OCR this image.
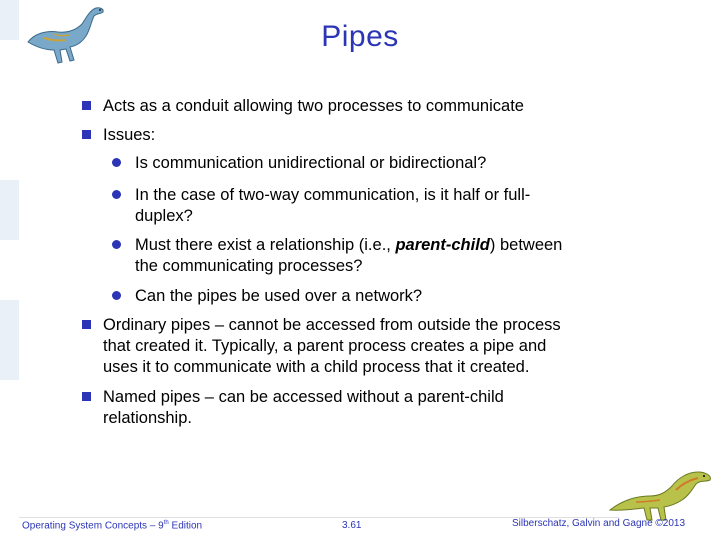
Pipes
Acts as a conduit allowing two processes to communicate
Issues:
Is communication unidirectional or bidirectional?
In the case of two-way communication, is it half or full-
duplex?
Must there exist a relationship (i.e., parent-child) between
the communicating processes?
Can the pipes be used over a network?
Ordinary pipes – cannot be accessed from outside the process
that created it. Typically, a parent process creates a pipe and
uses it to communicate with a child process that it created.
Named pipes – can be accessed without a parent-child
relationship.
Operating System Concepts – 9th Edition	3.61	Silberschatz, Galvin and Gagne ©2013
